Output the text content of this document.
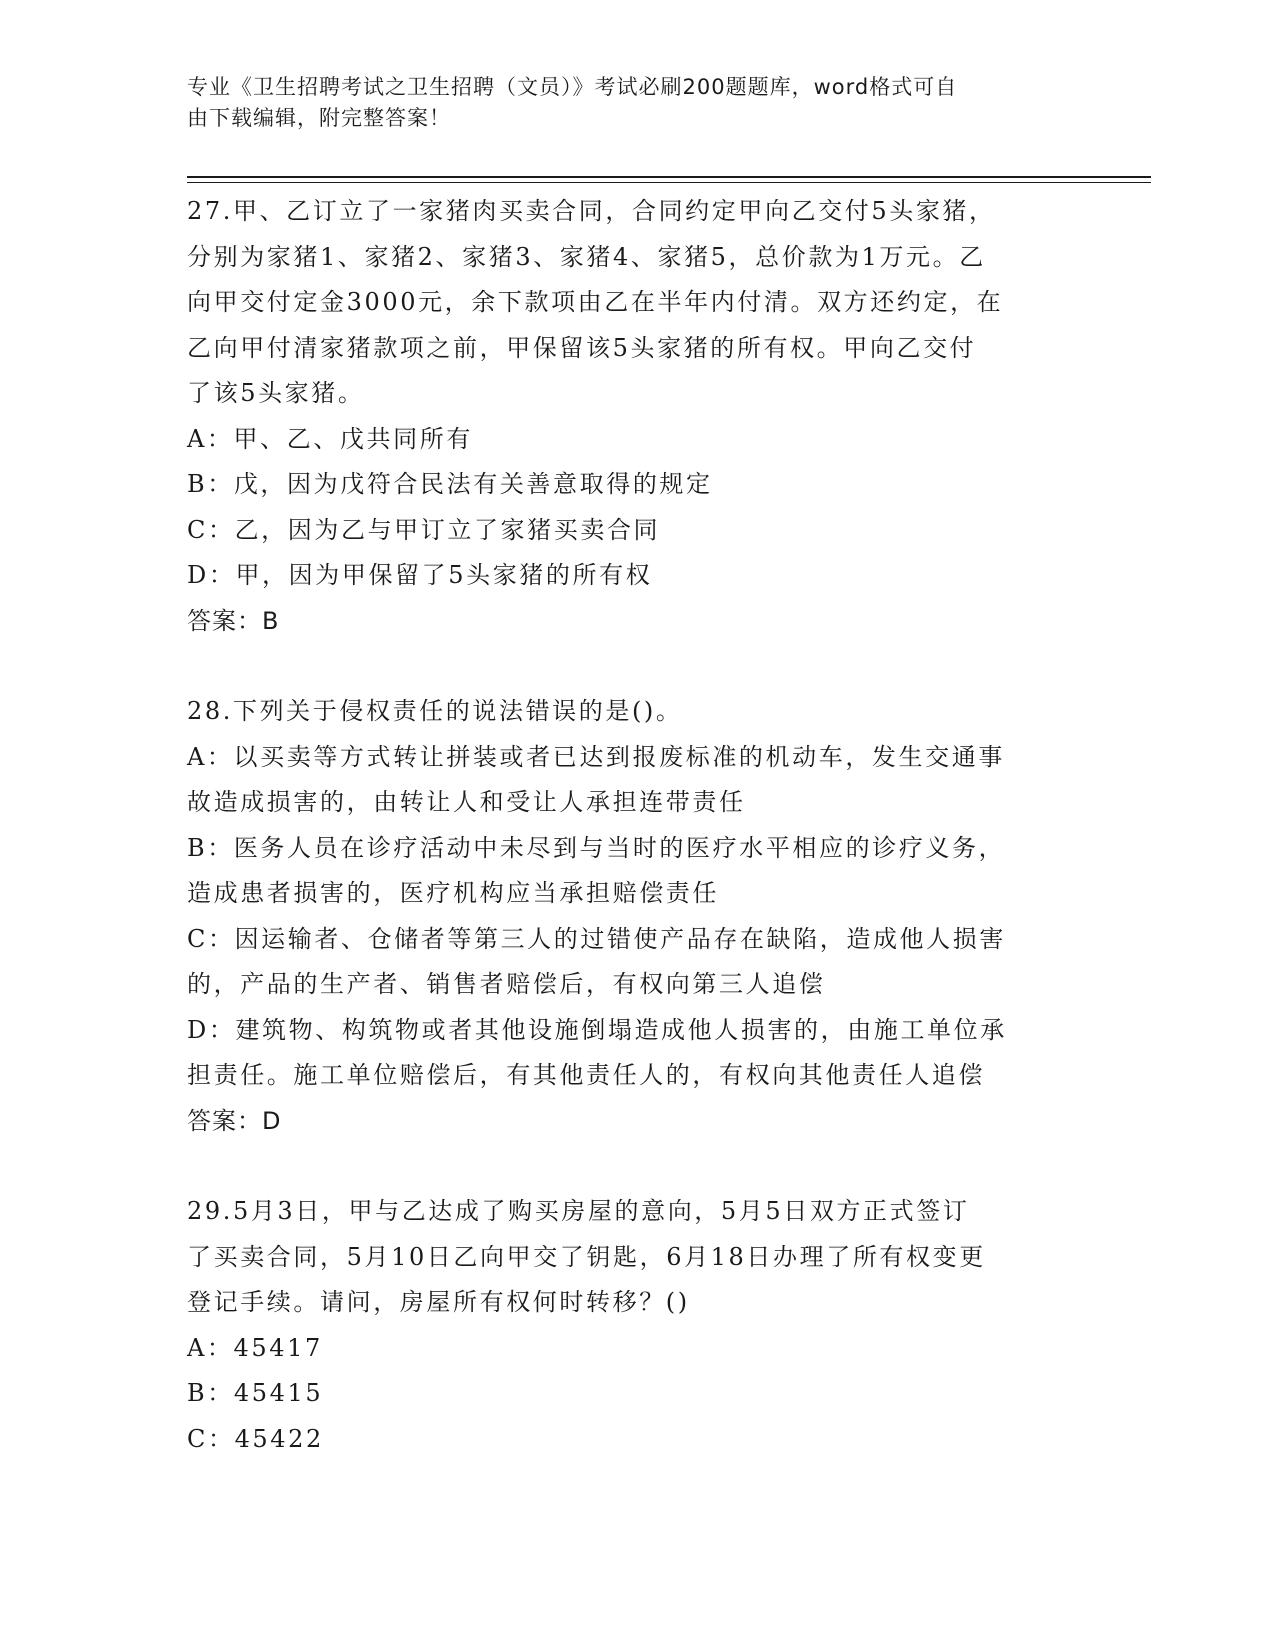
专业《卫生招聘考试之卫生招聘（文员）》考试必刷200题题库，word格式可自

由下载编辑，附完整答案！

27.甲、乙订立了一家猪肉买卖合同，合同约定甲向乙交付5头家猪，

分别为家猪1、家猪2、家猪3、家猪4、家猪5，总价款为1万元。乙

向甲交付定金3000元，余下款项由乙在半年内付清。双方还约定，在

乙向甲付清家猪款项之前，甲保留该5头家猪的所有权。甲向乙交付

了该5头家猪。

A：甲、乙、戊共同所有

B：戊，因为戊符合民法有关善意取得的规定

C：乙，因为乙与甲订立了家猪买卖合同

D：甲，因为甲保留了5头家猪的所有权

答案：B

28.下列关于侵权责任的说法错误的是()。

A：以买卖等方式转让拼装或者已达到报废标准的机动车，发生交通事

故造成损害的，由转让人和受让人承担连带责任

B：医务人员在诊疗活动中未尽到与当时的医疗水平相应的诊疗义务，

造成患者损害的，医疗机构应当承担赔偿责任

C：因运输者、仓储者等第三人的过错使产品存在缺陷，造成他人损害

的，产品的生产者、销售者赔偿后，有权向第三人追偿

D：建筑物、构筑物或者其他设施倒塌造成他人损害的，由施工单位承

担责任。施工单位赔偿后，有其他责任人的，有权向其他责任人追偿

答案：D

29.5月3日，甲与乙达成了购买房屋的意向，5月5日双方正式签订

了买卖合同，5月10日乙向甲交了钥匙，6月18日办理了所有权变更

登记手续。请问，房屋所有权何时转移？()

A：45417

B：45415

C：45422
